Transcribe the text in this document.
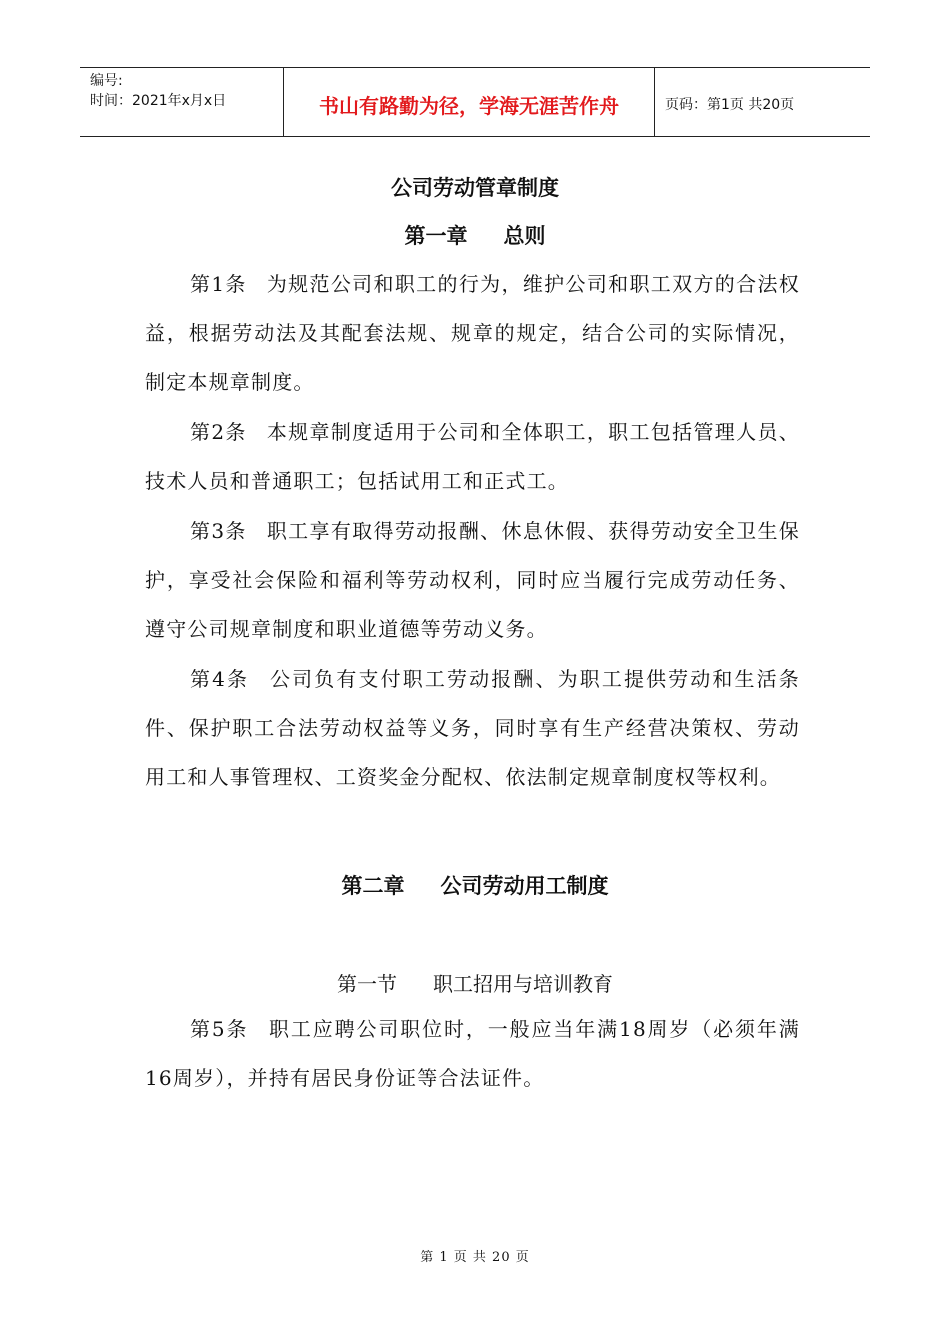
编号:
时间：2021年x月x日	书山有路勤为径，学海无涯苦作舟	页码：第1页 共20页
公司劳动管章制度
第一章 总则
第1条 为规范公司和职工的行为，维护公司和职工双方的合法权益，根据劳动法及其配套法规、规章的规定，结合公司的实际情况，制定本规章制度。
第2条 本规章制度适用于公司和全体职工，职工包括管理人员、技术人员和普通职工；包括试用工和正式工。
第3条 职工享有取得劳动报酬、休息休假、获得劳动安全卫生保护，享受社会保险和福利等劳动权利，同时应当履行完成劳动任务、遵守公司规章制度和职业道德等劳动义务。
第4条 公司负有支付职工劳动报酬、为职工提供劳动和生活条件、保护职工合法劳动权益等义务，同时享有生产经营决策权、劳动用工和人事管理权、工资奖金分配权、依法制定规章制度权等权利。
第二章 公司劳动用工制度
第一节 职工招用与培训教育
第5条 职工应聘公司职位时，一般应当年满18周岁（必须年满16周岁），并持有居民身份证等合法证件。
第 1 页 共 20 页
